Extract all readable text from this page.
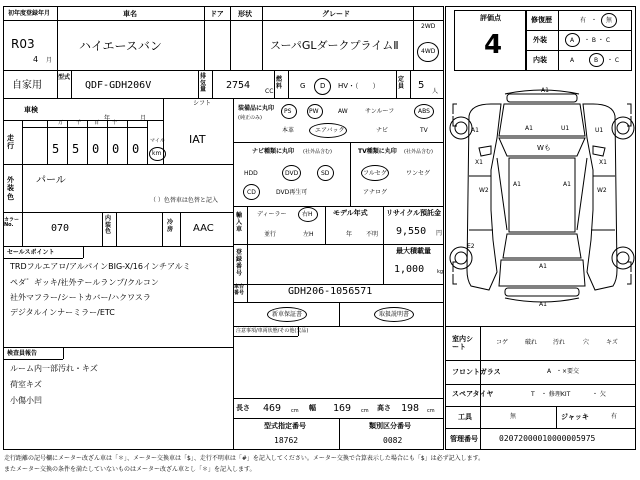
初年度登録年月
R03
4 月
車名
ハイエースバン
ドア 形状	グレード
スーパGLダークプライムⅡ
2WD
4WD
自家用
型式
QDF-GDH206V
排気量	2754
CC
燃料	G D HV・（　　）
定員	5
人
車検
年	月
シフト
IAT
走行
万千百十
5 5 0 0 0
マイル
km
外装色
パール
（ ）色替車は色替と記入
カラーNo.	070
内装色
冷房	AAC
セールスポイント
TRDフルエアロ/アルパインBIG-X/16インチアルミ
ペダ゛ギッキ/社外テールランプ/クルコン
社外マフラー/シートカバー/ハクワスラ
デジタルインナーミラー/ETC
検査員報告
ルーム内一部汚れ・キズ
荷室キズ
小傷小凹
装備品に丸印
(純正のみ)
PS	PW	AW	サンルーフ	ABS
本革	エアバック	ナビ	TV
ナビ種類に丸印 (社外品含む)
HDD	DVD	SD
CD	DVD再生可
TV種類に丸印 (社外品含む)
フルセグ	ワンセグ
アナログ
輸入車
ディーラー	右H
並行	左H
モデル年式
年 不明
リサイクル預託金
9,550 円
登録番号
最大積載量
1,000	kg
車台番号	GDH206-1056571
新車保証書	取扱説明書
注意事項/車両状態/その他(欠品)
長さ 469 cm 幅 169 cm 高さ 198 cm
型式指定番号
18762
類別区分番号
0082
評価点
4
修復歴	有 ・ 無
外装	A ・ B ・ C
内装	A	B ・ C
A1
A1	U1
A1	U1
Wも
X1	X1
W2	W2
A1	A1
E2
A1
A1
室内シート
コゲ	破れ	汚れ	穴	キズ
フロントガラス	A ・×要交
スペアタイヤ	T ・ 修理KIT	・ 欠
工具	無	ジャッキ	有
管理番号	02072000010000005975
走行距離の記号欄にメーター改ざん車は「＊」、メーター交換車は「$」、走行不明車は「#」を記入してください。メーター交換で合算表示した場合にも「$」は必ず記入します。
またメーター交換の条件を満たしていないものはメーター改ざん車とし「＊」を記入します。
